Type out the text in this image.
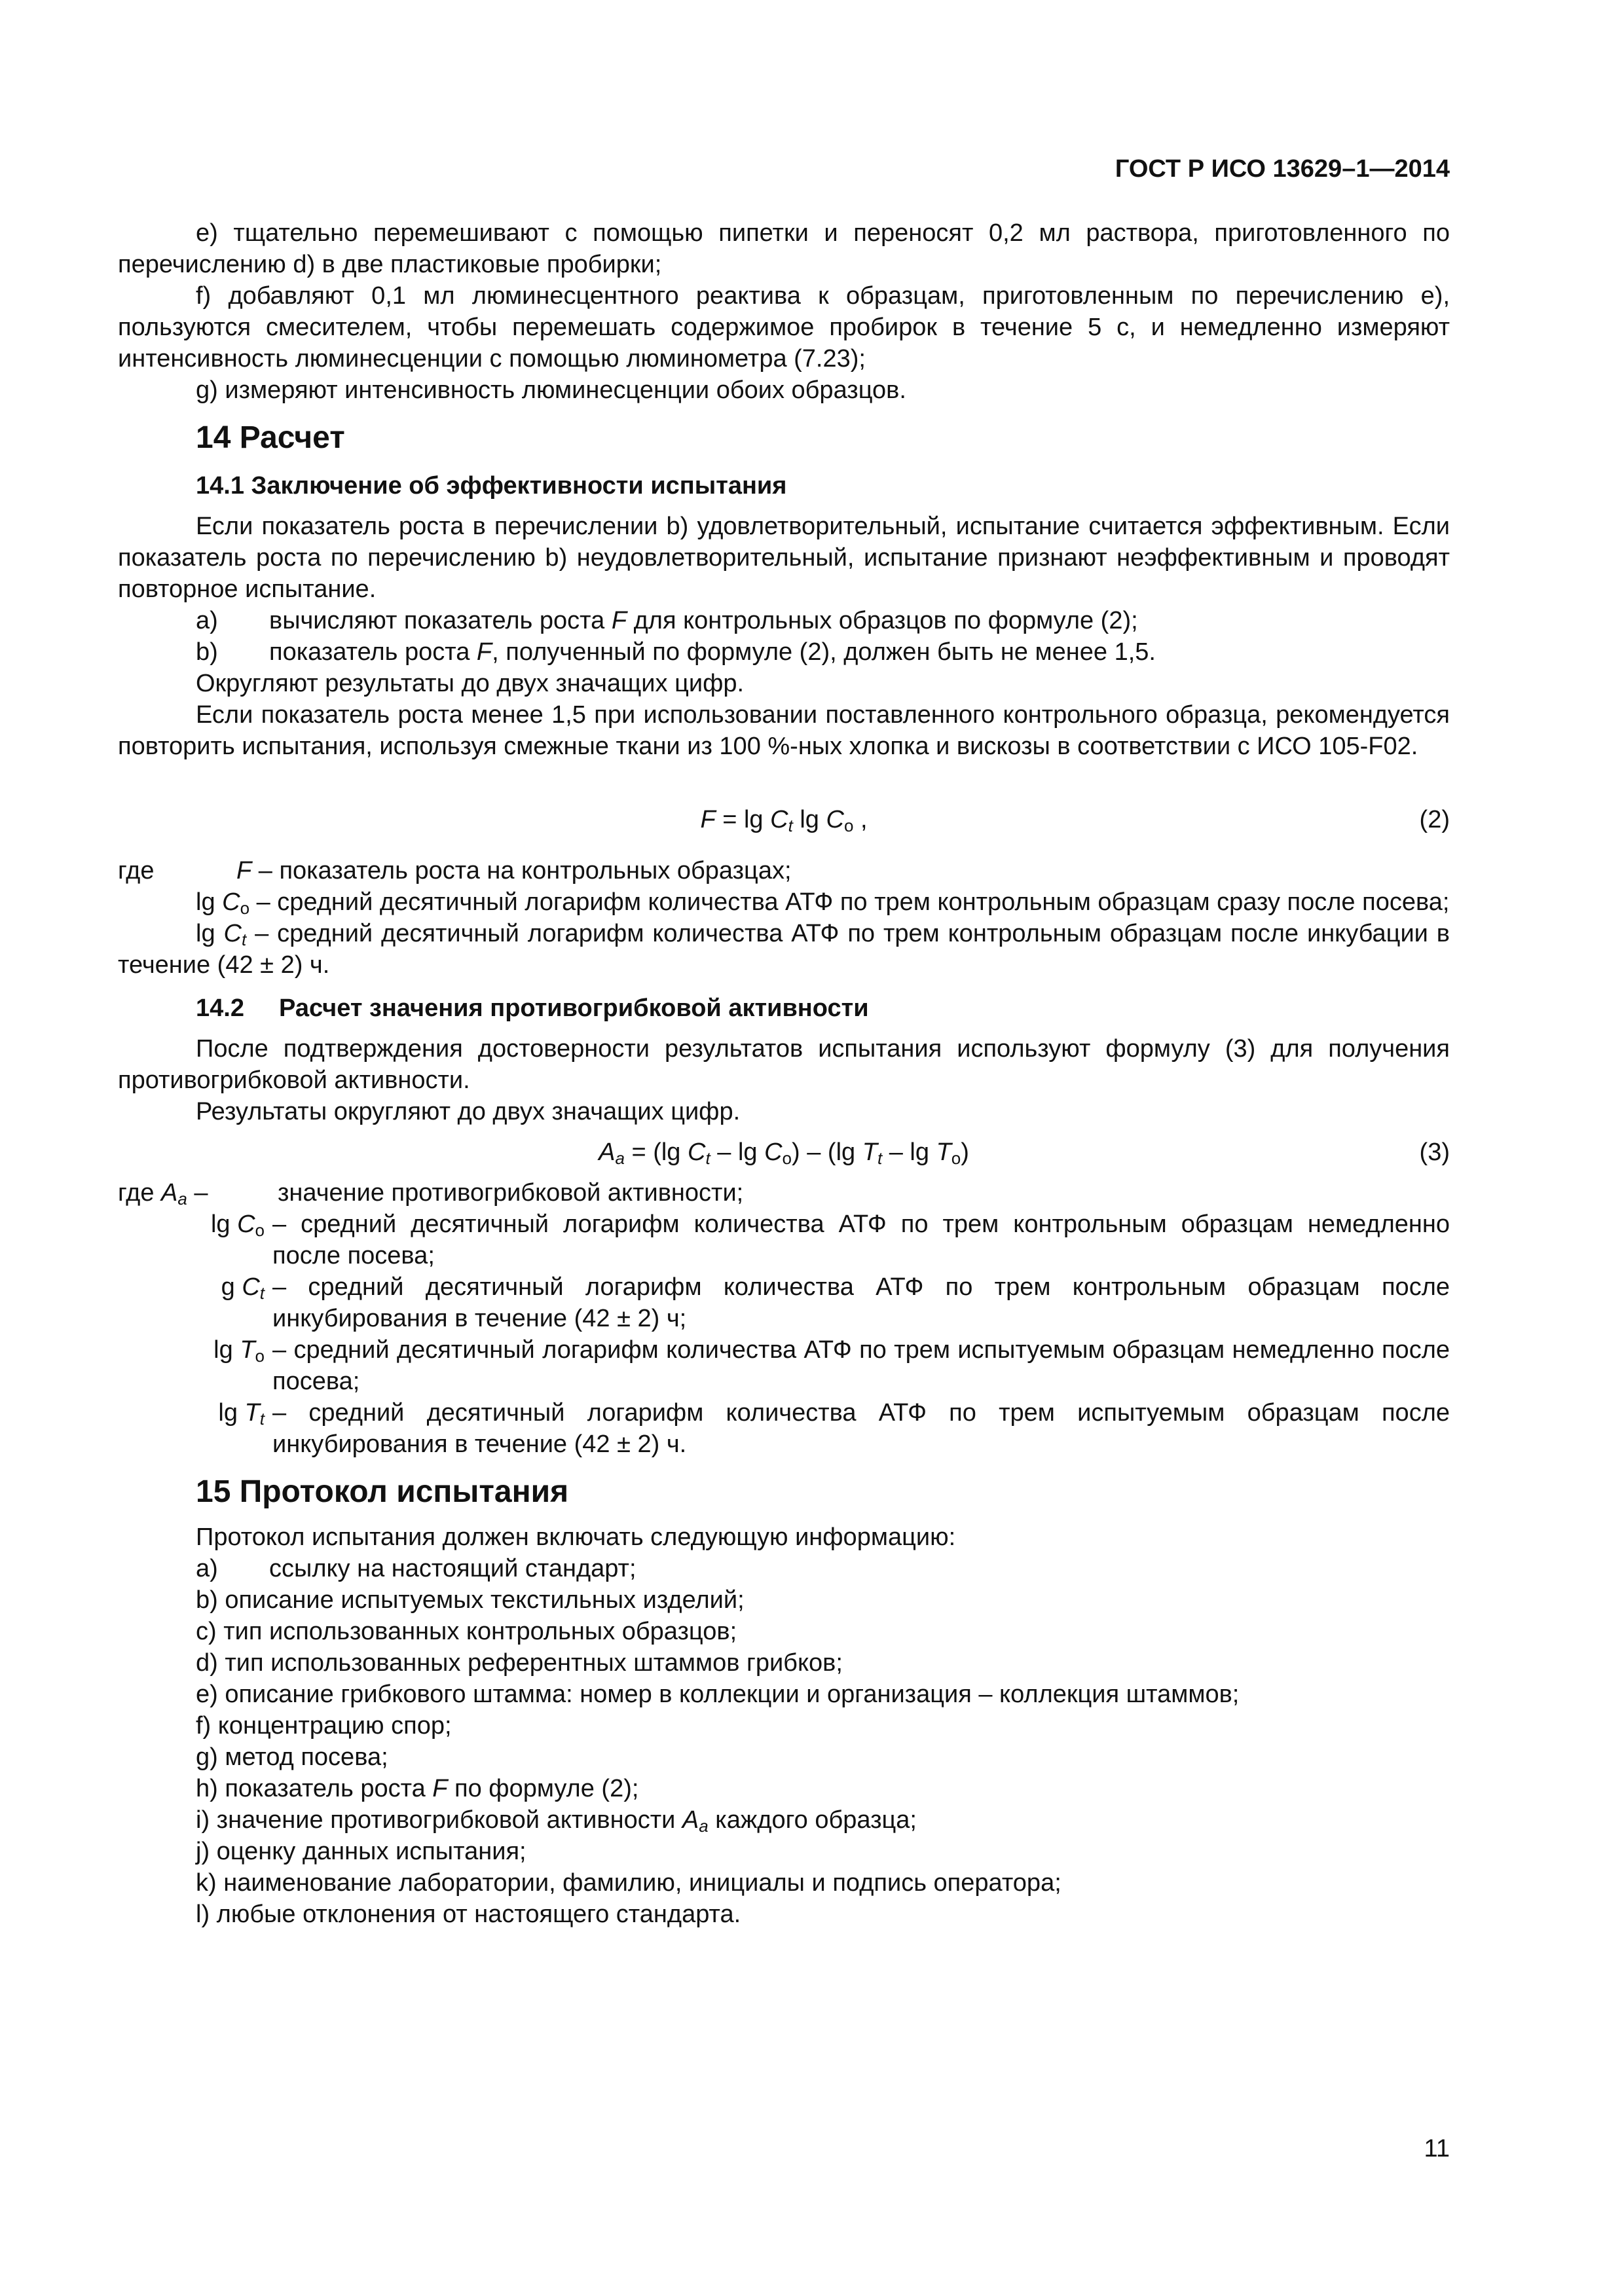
ГОСТ Р ИСО 13629–1—2014

е) тщательно перемешивают с помощью пипетки и переносят 0,2 мл раствора, приготовленного по перечислению d) в две пластиковые пробирки;

f) добавляют 0,1 мл люминесцентного реактива к образцам, приготовленным по перечислению е), пользуются смесителем, чтобы перемешать содержимое пробирок в течение 5 с, и немедленно измеряют интенсивность люминесценции с помощью люминометра (7.23);

g) измеряют интенсивность люминесценции обоих образцов.

14 Расчет
14.1 Заключение об эффективности испытания

Если показатель роста в перечислении b) удовлетворительный, испытание считается эффективным. Если показатель роста по перечислению b) неудовлетворительный, испытание признают неэффективным и проводят повторное испытание.

a)	вычисляют показатель роста F для контрольных образцов по формуле (2);
b)	показатель роста F, полученный по формуле (2), должен быть не менее 1,5.

Округляют результаты до двух значащих цифр.

Если показатель роста менее 1,5 при использовании поставленного контрольного образца, рекомендуется повторить испытания, используя смежные ткани из 100 %-ных хлопка и вискозы в соответствии с ИСО 105-F02.

$F = \lg C_t$ $\lg C_o$ ,	(2)
где	F – показатель роста на контрольных образцах;

$\lg C_o$ – средний десятичный логарифм количества АТФ по трем контрольным образцам сразу после посева;

$\lg C_t$ – средний десятичный логарифм количества АТФ по трем контрольным образцам после инкубации в течение (42 ± 2) ч.

14.2 Расчет значения противогрибковой активности

После подтверждения достоверности результатов испытания используют формулу (3) для получения противогрибковой активности.

Результаты округляют до двух значащих цифр.

$A_a = (\lg$ $C_t$ – $\lg C_o) - (\lg$ $T_t$ – $\lg T_o$)	(3)
где $A_a$ –	значение противогрибковой активности;
$\lg C_o$ – средний десятичный логарифм количества АТФ по трем контрольным образцам немедленно после посева;
g $C_t$ – средний десятичный логарифм количества АТФ по трем контрольным образцам после инкубирования в течение (42 ± 2) ч;
$\lg T_o$ – средний десятичный логарифм количества АТФ по трем испытуемым образцам немедленно после посева;
$\lg T_t$ – средний десятичный логарифм количества АТФ по трем испытуемым образцам после инкубирования в течение (42 ± 2) ч.
15 Протокол испытания

Протокол испытания должен включать следующую информацию:

a)	ссылку на настоящий стандарт;

b) описание испытуемых текстильных изделий;

c) тип использованных контрольных образцов;

d) тип использованных референтных штаммов грибков;

e) описание грибкового штамма: номер в коллекции и организация – коллекция штаммов;

f) концентрацию спор;

g) метод посева;

h) показатель роста F по формуле (2);

i) значение противогрибковой активности $A_a$ каждого образца;

j) оценку данных испытания;

k) наименование лаборатории, фамилию, инициалы и подпись оператора;

l) любые отклонения от настоящего стандарта.

11
